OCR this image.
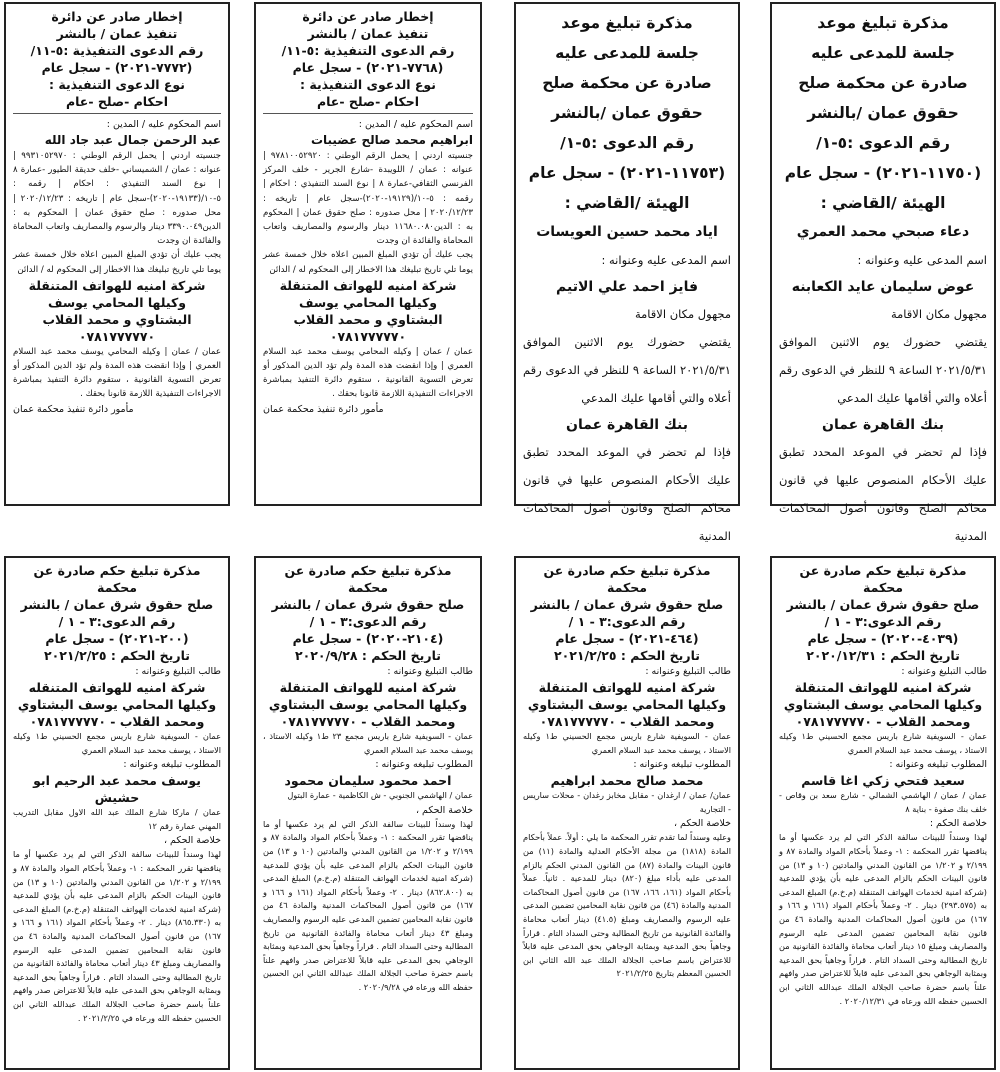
مذكرة تبليغ موعد
جلسة للمدعى عليه
صادرة عن محكمة صلح
حقوق عمان /بالنشر
رقم الدعوى :٥-١/
(١١٧٥٠-٢٠٢١) - سجل عام
الهيئة /القاضي :
دعاء صبحي محمد العمري
اسم المدعى عليه وعنوانه :
عوض سليمان عايد الكعابنه
مجهول مكان الاقامة
يقتضي حضورك يوم الاثنين الموافق ٢٠٢١/٥/٣١ الساعة ٩ للنظر في الدعوى رقم أعلاه والتي أقامها عليك المدعي
بنك القاهرة عمان
فإذا لم تحضر في الموعد المحدد تطبق عليك الأحكام المنصوص عليها في قانون محاكم الصلح وقانون أصول المحاكمات المدنية
مذكرة تبليغ موعد
جلسة للمدعى عليه
صادرة عن محكمة صلح
حقوق عمان /بالنشر
رقم الدعوى :٥-١/
(١١٧٥٣-٢٠٢١) - سجل عام
الهيئة /القاضي :
اياد محمد حسين العويسات
اسم المدعى عليه وعنوانه :
فايز احمد علي الاتيم
مجهول مكان الاقامة
يقتضي حضورك يوم الاثنين الموافق ٢٠٢١/٥/٣١ الساعة ٩ للنظر في الدعوى رقم أعلاه والتي أقامها عليك المدعي
بنك القاهرة عمان
فإذا لم تحضر في الموعد المحدد تطبق عليك الأحكام المنصوص عليها في قانون محاكم الصلح وقانون أصول المحاكمات المدنية
إخطار صادر عن دائرة
تنفيذ عمان / بالنشر
رقم الدعوى التنفيذية :٥-١١/
(٧٧٦٨-٢٠٢١) - سجل عام
نوع الدعوى التنفيذية :
احكام -صلح -عام
اسم المحكوم عليه / المدين :
ابراهيم محمد صالح عضيبات
جنسيته اردني | يحمل الرقم الوطني : ٩٧٨١٠٠٥٢٩٢٠ | عنوانه : عمان / اللويبدة -شارع الجرير - خلف المركز الفرنسي الثقافي-عمارة ٨ | نوع السند التنفيذي : احكام | رقمه : ٥-١٠/(١٩١٢٩-٢٠٢٠)-سجل عام | تاريخه : ٢٠٢٠/١٢/٢٣ | محل صدوره : صلح حقوق عمان | المحكوم به : الدين١١٦٨٠.٠٨٠ دينار والرسوم والمصاريف واتعاب المحاماة والفائدة ان وجدت
يجب عليك أن تؤدي المبلغ المبين اعلاه خلال خمسة عشر يوما تلي تاريخ تبليغك هذا الاخطار إلى المحكوم له / الدائن
شركة امنيه للهواتف المتنقلة
وكيلها المحامي يوسف
البشتاوي و محمد القلاب
٠٧٨١٧٧٧٧٧٠
عمان / عمان | وكيله المحامي يوسف محمد عبد السلام العمري | وإذا انقضت هذه المدة ولم تؤد الدين المذكور أو تعرض التسوية القانونية ، ستقوم دائرة التنفيذ بمباشرة الاجراءات التنفيذية اللازمة قانونا بحقك .
مأمور دائرة تنفيذ محكمة عمان
إخطار صادر عن دائرة
تنفيذ عمان / بالنشر
رقم الدعوى التنفيذية :٥-١١/
(٧٧٧٢-٢٠٢١) - سجل عام
نوع الدعوى التنفيذية :
احكام -صلح -عام
اسم المحكوم عليه / المدين :
عبد الرحمن جمال عبد جاد الله
جنسيته اردني | يحمل الرقم الوطني : ٩٩٣١٠٥٢٩٧٠ | عنوانه : عمان / الشميساني -خلف حديقة الطيور -عمارة ٨ | نوع السند التنفيذي : احكام | رقمه : ٥-١٠/(١٩١٣٣-٢٠٢٠)-سجل عام | تاريخه : ٢٠٢٠/١٢/٢٣ | محل صدوره : صلح حقوق عمان | المحكوم به : الدين٣٣٩٠.٠٤٩ دينار والرسوم والمصاريف واتعاب المحاماة والفائدة ان وجدت
يجب عليك أن تؤدي المبلغ المبين اعلاه خلال خمسة عشر يوما تلي تاريخ تبليغك هذا الاخطار إلى المحكوم له / الدائن
شركة امنيه للهواتف المتنقلة
وكيلها المحامي يوسف
البشتاوي و محمد القلاب
٠٧٨١٧٧٧٧٧٠
عمان / عمان | وكيله المحامي يوسف محمد عبد السلام العمري | وإذا انقضت هذه المدة ولم تؤد الدين المذكور أو تعرض التسوية القانونية ، ستقوم دائرة التنفيذ بمباشرة الاجراءات التنفيذية اللازمة قانونا بحقك .
مأمور دائرة تنفيذ محكمة عمان
مذكرة تبليغ حكم صادرة عن محكمة
صلح حقوق شرق عمان / بالنشر
رقم الدعوى:٣ - ١ /
(٤٠٣٩-٢٠٢٠) - سجل عام
تاريخ الحكم : ٢٠٢٠/١٢/٣١
طالب التبليغ وعنوانه :
شركة امنيه للهواتف المتنقلة
وكيلها المحامي يوسف البشتاوي
ومحمد القلاب - ٠٧٨١٧٧٧٧٧٠
عمان - السويفية شارع باريس مجمع الحسيني ط١ وكيله الاستاذ ، يوسف محمد عبد السلام العمري
المطلوب تبليغه وعنوانه :
سعيد فتحي زكي اغا قاسم
عمان / عمان / الهاشمي الشمالي - شارع سعد بن وقاص - خلف بنك صفوة - بناية ٨
خلاصة الحكم :
لهذا وسنداً للبينات سالفة الذكر التي لم يرد عكسها أو ما يناقضها تقرر المحكمة : ١- وعملاً بأحكام المواد والمادة ٨٧ و ٢/١٩٩ و ١/٢٠٢ من القانون المدني والمادتين (١٠ و ١٣) من قانون البينات الحكم بالزام المدعى عليه بأن يؤدي للمدعية (شركة امنية لخدمات الهواتف المتنقلة (م.خ.م) المبلغ المدعى به (٢٩٣.٥٧٥) دينار . ٢- وعملاً بأحكام المواد (١٦١ و ١٦٦ و ١٦٧) من قانون أصول المحاكمات المدنية والمادة ٤٦ من قانون نقابة المحامين تضمين المدعى عليه الرسوم والمصاريف ومبلغ ١٥ دينار أتعاب محاماة والفائدة القانونية من تاريخ المطالبة وحتى السداد التام . قراراً وجاهياً بحق المدعية وبمثابة الوجاهي بحق المدعى عليه قابلاً للاعتراض صدر وافهم علناً باسم حضرة صاحب الجلالة الملك عبدالله الثاني ابن الحسين حفظه الله ورعاه في ٢٠٢٠/١٢/٣١ .
مذكرة تبليغ حكم صادرة عن محكمة
صلح حقوق شرق عمان / بالنشر
رقم الدعوى:٣ - ١ /
(٤٦٤-٢٠٢١) - سجل عام
تاريخ الحكم : ٢٠٢١/٢/٢٥
طالب التبليغ وعنوانه :
شركة امنيه للهواتف المتنقلة
وكيلها المحامي يوسف البشتاوي
ومحمد القلاب - ٠٧٨١٧٧٧٧٧٠
عمان - السويفية شارع باريس مجمع الحسيني ط١ وكيله الاستاذ ، يوسف محمد عبد السلام العمري
المطلوب تبليغه وعنوانه :
محمد صالح محمد ابراهيم
عمان/ عمان / ارغدان - مقابل مخابز رغدان - محلات ساريس - التجارية
خلاصة الحكم ،
وعليه وسنداً لما تقدم تقرر المحكمة ما يلي : أولاً. عملاً بأحكام المادة (١٨١٨) من مجلة الأحكام العدلية والمادة (١١) من قانون البينات والمادة (٨٧) من القانون المدني الحكم بالزام المدعى عليه بأداء مبلغ (٨٢٠) دينار للمدعية . ثانياً. عملاً بأحكام المواد (١٦١، ١٦٦، ١٦٧) من قانون أصول المحاكمات المدنية والمادة (٤٦) من قانون نقابة المحامين تضمين المدعى عليه الرسوم والمصاريف ومبلغ (٤١.٥) دينار أتعاب محاماة والفائدة القانونية من تاريخ المطالبة وحتى السداد التام . قراراً وجاهياً بحق المدعية وبمثابة الوجاهي بحق المدعى عليه قابلاً للاعتراض باسم صاحب الجلالة الملك عبد الله الثاني ابن الحسين المعظم بتاريخ ٢٠٢١/٢/٢٥
مذكرة تبليغ حكم صادرة عن محكمة
صلح حقوق شرق عمان / بالنشر
رقم الدعوى:٣ - ١ /
(٢١٠٤-٢٠٢٠) - سجل عام
تاريخ الحكم : ٢٠٢٠/٩/٢٨
طالب التبليغ وعنوانه :
شركة امنيه للهواتف المتنقلة
وكيلها المحامي يوسف البشتاوي
ومحمد القلاب - ٠٧٨١٧٧٧٧٧٠
عمان - السويفية شارع باريس مجمع ٢٣ ط١ وكيله الاستاذ ، يوسف محمد عبد السلام العمري
المطلوب تبليغه وعنوانه :
احمد محمود سليمان محمود
عمان / الهاشمي الجنوبي - ش الكاظمية - عمارة البتول
خلاصة الحكم ،
لهذا وسنداً للبينات سالفة الذكر التي لم يرد عكسها أو ما يناقضها تقرر المحكمة : ١- وعملاً بأحكام المواد والمادة ٨٧ و ٢/١٩٩ و ١/٢٠٢ من القانون المدني والمادتين (١٠ و ١٣) من قانون البينات الحكم بالزام المدعى عليه بأن يؤدي للمدعية (شركة امنية لخدمات الهواتف المتنقلة (م.خ.م) المبلغ المدعى به (٨٦٢.٨٠٠) دينار . ٢- وعملاً بأحكام المواد (١٦١ و ١٦٦ و ١٦٧) من قانون أصول المحاكمات المدنية والمادة ٤٦ من قانون نقابة المحامين تضمين المدعى عليه الرسوم والمصاريف ومبلغ ٤٣ دينار أتعاب محاماة والفائدة القانونية من تاريخ المطالبة وحتى السداد التام . قراراً وجاهياً بحق المدعية وبمثابة الوجاهي بحق المدعى عليه قابلاً للاعتراض صدر وافهم علناً باسم حضرة صاحب الجلالة الملك عبدالله الثاني ابن الحسين حفظه الله ورعاه في ٢٠٢٠/٩/٢٨ .
مذكرة تبليغ حكم صادرة عن محكمة
صلح حقوق شرق عمان / بالنشر
رقم الدعوى:٣ - ١ /
(٢٠٠-٢٠٢١) - سجل عام
تاريخ الحكم : ٢٠٢١/٢/٢٥
طالب التبليغ وعنوانه :
شركة امنيه للهواتف المتنقله
وكيلها المحامي يوسف البشتاوي
ومحمد القلاب - ٠٧٨١٧٧٧٧٧٠
عمان - السويفية شارع باريس مجمع الحسيني ط١ وكيله الاستاذ ، يوسف محمد عبد السلام العمري
المطلوب تبليغه وعنوانه :
يوسف محمد عبد الرحيم ابو حشيش
عمان / ماركا شارع الملك عبد الله الاول مقابل التدريب المهني عمارة رقم ١٢
خلاصة الحكم ،
لهذا وسنداً للبينات سالفة الذكر التي لم يرد عكسها أو ما يناقضها تقرر المحكمة : ١- وعملاً بأحكام المواد والمادة ٨٧ و ٢/١٩٩ و ١/٢٠٢ من القانون المدني والمادتين (١٠ و ١٣) من قانون البينات الحكم بالزام المدعى عليه بأن يؤدي للمدعية (شركة امنية لخدمات الهواتف المتنقلة (م.خ.م) المبلغ المدعى به (٨٦٥.٣٣٠) دينار . ٢- وعملاً بأحكام المواد (١٦١ و ١٦٦ و ١٦٧) من قانون أصول المحاكمات المدنية والمادة ٤٦ من قانون نقابة المحامين تضمين المدعى عليه الرسوم والمصاريف ومبلغ ٤٣ دينار أتعاب محاماة والفائدة القانونية من تاريخ المطالبة وحتى السداد التام . قراراً وجاهياً بحق المدعية وبمثابة الوجاهي بحق المدعى عليه قابلاً للاعتراض صدر وافهم علناً باسم حضرة صاحب الجلالة الملك عبدالله الثاني ابن الحسين حفظه الله ورعاه في ٢٠٢١/٢/٢٥ .
